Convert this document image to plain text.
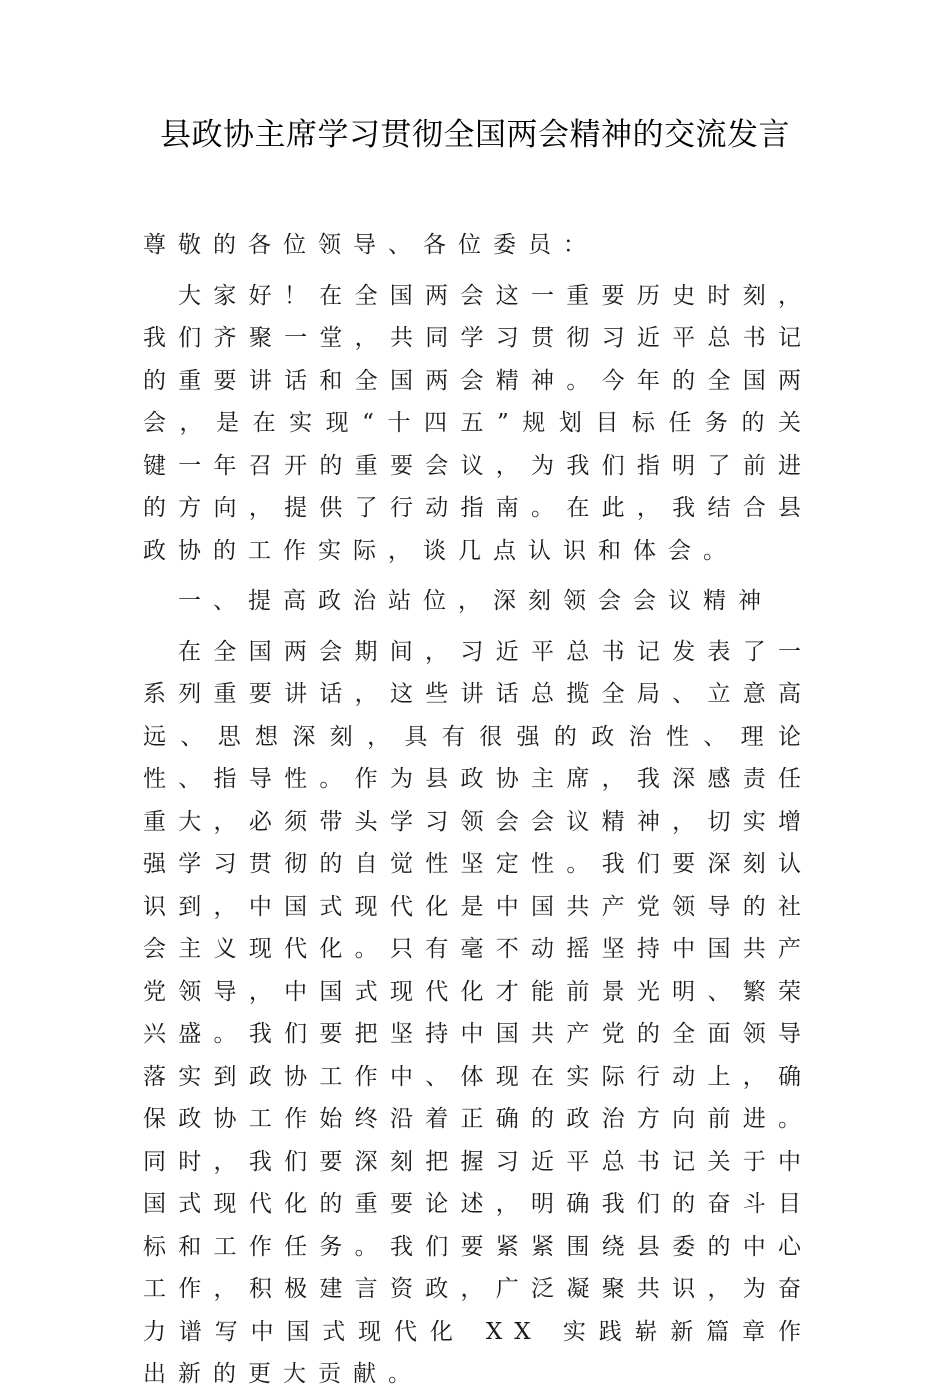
县政协主席学习贯彻全国两会精神的交流发言

尊敬的各位领导、各位委员：

大家好！在全国两会这一重要历史时刻，我们齐聚一堂，共同学习贯彻习近平总书记的重要讲话和全国两会精神。今年的全国两会，是在实现“十四五”规划目标任务的关键一年召开的重要会议，为我们指明了前进的方向，提供了行动指南。在此，我结合县政协的工作实际，谈几点认识和体会。

一、提高政治站位，深刻领会会议精神

在全国两会期间，习近平总书记发表了一系列重要讲话，这些讲话总揽全局、立意高远、思想深刻，具有很强的政治性、理论性、指导性。作为县政协主席，我深感责任重大，必须带头学习领会会议精神，切实增强学习贯彻的自觉性坚定性。我们要深刻认识到，中国式现代化是中国共产党领导的社会主义现代化。只有毫不动摇坚持中国共产党领导，中国式现代化才能前景光明、繁荣兴盛。我们要把坚持中国共产党的全面领导落实到政协工作中、体现在实际行动上，确保政协工作始终沿着正确的政治方向前进。同时，我们要深刻把握习近平总书记关于中国式现代化的重要论述，明确我们的奋斗目标和工作任务。我们要紧紧围绕县委的中心工作，积极建言资政，广泛凝聚共识，为奋力谱写中国式现代化 XX 实践崭新篇章作出新的更大贡献。
